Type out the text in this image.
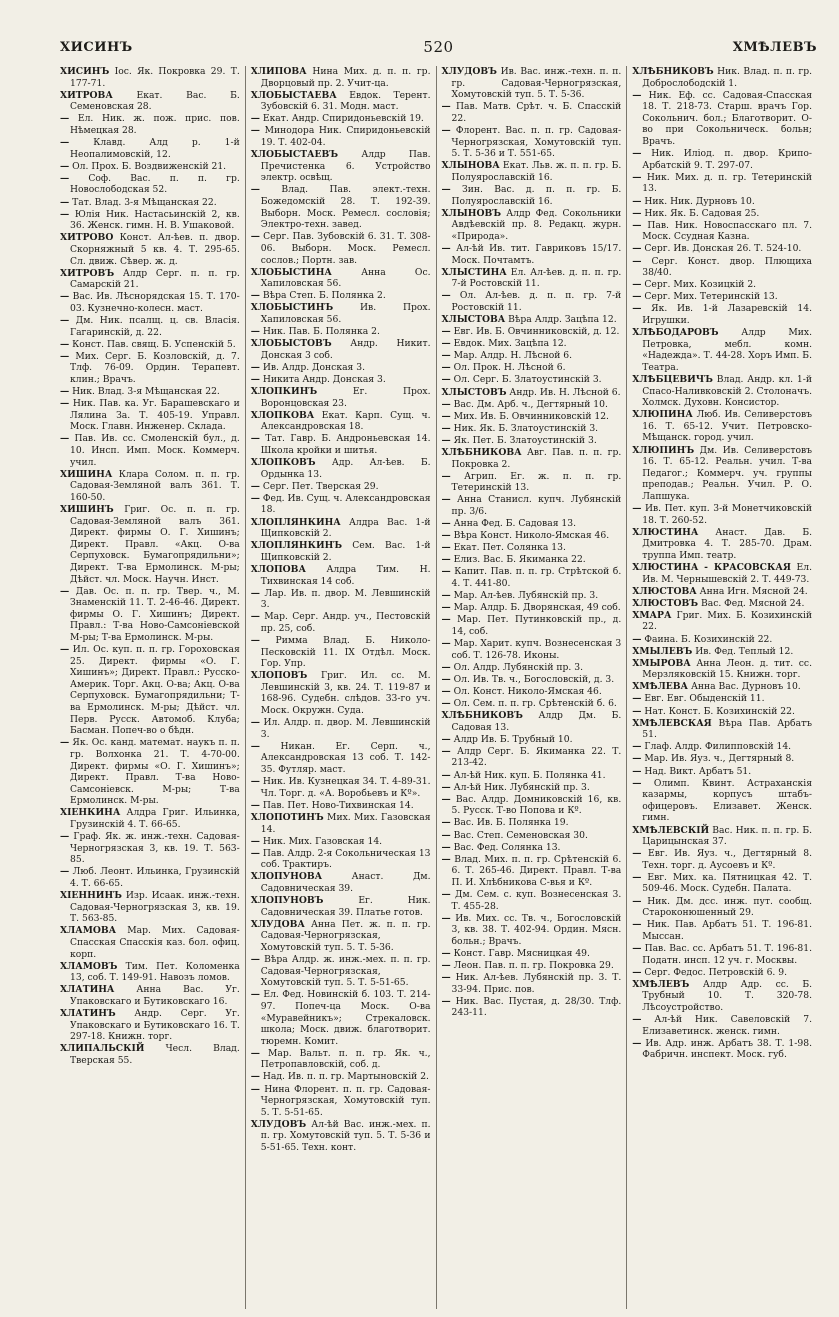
ХИСИНЪ	520	ХМѢЛЕВЪ
ХИСИНЪ Іос. Як. Покровка 29. Т. 177-71.
ХИТРОВА	Екат. Вас. Б. Семеновская 28.
— Ел. Ник. ж. пож. прис. пов. Нѣмецкая 28.
—	Клавд. Алд р. 1-й Неопалимовскій, 12.
— Ол. Прох. Б. Воздвиженскій 21.
— Соф. Вас. п. п. гр. Новослободская 52.
— Тат. Влад. 3-я Мѣщанская 22.
— Юлія Ник. Настасьинскій 2, кв. 36. Женск. гимн. Н. В. Ушаковой.
ХИТРОВО Конст. Ал-ѣев. п. двор. Скорняжный 5 кв. 4. Т. 295-65. Сл. движ. Сѣвер. ж. д.
ХИТРОВЪ Алдр Серг. п. п. гр. Самарскій 21.
— Вас. Ив. Лѣснорядская 15. Т. 170-03. Кузнечно-колесн. маст.
— Дм. Ник. псалщ. ц. св. Власія. Гагаринскій, д. 22.
— Конст. Пав. свящ. Б. Успенскій 5.
— Мих. Серг. Б. Козловскій, д. 7. Тлф. 76-09. Ордин. Терапевт. клин.; Врачъ.
— Ник. Влад. 3-я Мѣщанская 22.
— Ник. Пав. ка. Уг. Барашевскаго и Лялина За. Т. 405-19. Управл. Моск. Главн. Инженер. Склада.
— Пав. Ив. сс. Смоленскій бул., д. 10. Инсп. Имп. Моск. Коммерч. учил.
ХИШИНА Клара Солом. п. п. гр. Садовая-Земляной валъ 361. Т. 160-50.
ХИШИНЪ Григ. Ос. п. п. гр. Садовая-Земляной валъ 361. Директ. фирмы О. Г. Хишинъ; Директ. Правл. «Акц. О-ва Серпуховск. Бумагопрядильни»; Директ. Т-ва Ермолинск. М-ры; Дѣйст. чл. Моск. Научн. Инст.
— Дав. Ос. п. п. гр. Твер. ч., М. Знаменскій 11. Т. 2-46-46. Директ. фирмы О. Г. Хишинъ; Директ. Правл.: Т-ва Ново-Самсоніевской М-ры; Т-ва Ермолинск. М-ры.
— Ил. Ос. куп. п. п. гр. Гороховская 25. Директ. фирмы «О. Г. Хишинъ»; Директ. Правл.: Русско-Америк. Торг. Акц. О-ва; Акц. О-ва Серпуховск. Бумагопрядильни; Т-ва Ермолинск. М-ры; Дѣйст. чл. Перв. Русск. Автомоб. Клуба; Басман. Попеч-во о бѣдн.
— Як. Ос. канд. математ. наукъ п. п. гр. Волхонка 21. Т. 4-70-00. Директ. фирмы «О. Г. Хишинъ»; Директ. Правл. Т-ва Ново-Самсоніевск. М-ры; Т-ва Ермолинск. М-ры.
ХІЕНКИНА Алдра Григ. Ильинка, Грузинскій 4. Т. 66-65.
— Граф. Як. ж. инж.-техн. Садовая-Черногрязская 3, кв. 19. Т. 563-85.
— Люб. Леонт. Ильинка, Грузинскій 4. Т. 66-65.
ХІЕННИНЪ Изр. Исаак. инж.-техн. Садовая-Черногрязская 3, кв. 19. Т. 563-85.
ХЛАМОВА Мар. Мих. Садовая-Спасская Спасскія каз. бол. офиц. корп.
ХЛАМОВЪ Тим. Пет. Коломенка 13, соб. Т. 149-91. Навозъ ломов.
ХЛАТИНА Анна Вас. Уг. Упаковскаго и Бутиковскаго 16.
ХЛАТИНЪ Андр. Серг. Уг. Упаковскаго и Бутиковскаго 16. Т. 297-18. Книжн. торг.
ХЛИПАЛЬСКІЙ Чесл. Влад. Тверская 55.
ХЛИПОВА Нина Мих. д. п. п. гр. Дворцовый пр. 2. Учит-ца.
ХЛОБЫСТАЕВА Евдок. Терент. Зубовскій 6. 31. Модн. маст.
— Екат. Андр. Спиридоньевскій 19.
— Минодора Ник. Спиридоньевскій 19. Т. 402-04.
ХЛОБЫСТАЕВЪ	Алдр Пав. Пречистенка 6. Устройство электр. освѣщ.
— Влад. Пав. элект.-техн. Божедомскій 28. Т. 192-39. Выборн. Моск. Ремесл. сословія; Электро-техн. завед.
— Серг. Пав. Зубовскій 6. 31. Т. 308-06. Выборн. Моск. Ремесл. сослов.; Портн. зав.
ХЛОБЫСТИНА	Анна Ос. Хапиловская 56.
— Вѣра Степ. Б. Полянка 2.
ХЛОБЫСТИНЪ	Ив. Прох. Хапиловская 56.
— Ник. Пав. Б. Полянка 2.
ХЛОБЫСТОВЪ Андр. Никит. Донская 3 соб.
— Ив. Алдр. Донская 3.
— Никита Андр. Донская 3.
ХЛОПКИНЪ	Ег. Прох. Воронцовская 23.
ХЛОПКОВА Екат. Карп. Сущ. ч. Александровская 18.
— Тат. Гавр. Б. Андроньевская 14. Школа кройки и шитья.
ХЛОПКОВЪ Адр. Ал-ѣев. Б. Ордынка 13.
— Серг. Пет. Тверская 29.
— Фед. Ив. Сущ. ч. Александровская 18.
ХЛОПЛЯНКИНА Алдра Вас. 1-й Щипковскій 2.
ХЛОПЛЯНКИНЪ Сем. Вас. 1-й Щипковскій 2.
ХЛОПОВА Алдра Тим. Н. Тихвинская 14 соб.
— Лар. Ив. п. двор. М. Левшинскій 3.
— Мар. Серг. Андр. уч., Пестовскій пр. 25, соб.
— Римма Влад. Б. Николо-Песковскій 11. IX Отдѣл. Моск. Гор. Упр.
ХЛОПОВЪ Григ. Ил. сс. М. Левшинскій 3, кв. 24. Т. 119-87 и 168-96. Судебн. слѣдов. 33-го уч. Моск. Окружн. Суда.
— Ил. Алдр. п. двор. М. Левшинскій 3.
— Никан. Ег. Серп. ч., Александровская 13 соб. Т. 142-35. Футляр. маст.
— Ник. Ив. Кузнецкая 34. Т. 4-89-31. Чл. Торг. д. «А. Воробьевъ и Кº».
— Пав. Пет. Ново-Тихвинская 14.
ХЛОПОТИНЪ Мих. Мих. Газовская 14.
— Ник. Мих. Газовская 14.
— Пав. Алдр. 2-я Сокольническая 13 соб. Трактиръ.
ХЛОПУНОВА	Анаст. Дм. Садовническая 39.
ХЛОПУНОВЪ	Ег. Ник. Садовническая 39. Платье готов.
ХЛУДОВА Анна Пет. ж. п. п. гр. Садовая-Черногрязская, Хомутовскій туп. 5. Т. 5-36.
— Вѣра Алдр. ж. инж.-мех. п. п. гр. Садовая-Черногрязская, Хомутовскій туп. 5. Т. 5-51-65.
— Ел. Фед. Новинскій б. 103. Т. 214-97. Попеч-ца Моск. О-ва «Муравейникъ»; Стрекаловск. школа; Моск. движ. благотворит. тюремн. Комит.
— Мар. Вальт. п. п. гр. Як. ч., Петропавловскій, соб. д.
— Над. Ив. п. п. гр. Мартыновскій 2.
— Нина Флорент. п. п. гр. Садовая-Черногрязская, Хомутовскій туп. 5. Т. 5-51-65.
ХЛУДОВЪ Ал-ѣй Вас. инж.-мех. п. п. гр. Хомутовскій туп. 5. Т. 5-36 и 5-51-65. Техн. конт.
ХЛУДОВЪ Ив. Вас. инж.-техн. п. п. гр. Садовая-Черногрязская, Хомутовскій туп. 5. Т. 5-36.
— Пав. Матв. Срѣт. ч. Б. Спасскій 22.
— Флорент. Вас. п. п. гр. Садовая-Черногрязская, Хомутовскій туп. 5. Т. 5-36 и Т. 551-65.
ХЛЫНОВА Екат. Льв. ж. п. п. гр. Б. Полуярославскій 16.
— Зин. Вас. д. п. п. гр. Б. Полуярославскій 16.
ХЛЫНОВЪ Алдр Фед. Сокольники Авдѣевскій пр. 8. Редакц. журн. «Природа».
— Ал-ѣй Ив. тит. Гавриковъ 15/17. Моск. Почтамтъ.
ХЛЫСТИНА Ел. Ал-ѣев. д. п. п. гр. 7-й Ростовскій 11.
— Ол. Ал-ѣев. д. п. п. гр. 7-й Ростовскій 11.
ХЛЫСТОВА Вѣра Алдр. Зацѣпа 12.
— Евг. Ив. Б. Овчинниковскій, д. 12.
— Евдок. Мих. Зацѣпа 12.
— Мар. Алдр. Н. Лѣсной 6.
— Ол. Прок. Н. Лѣсной 6.
— Ол. Серг. Б. Златоустинскій 3.
ХЛЫСТОВЪ Андр. Ив. Н. Лѣсной 6.
— Вас. Дм. Арб. ч., Дегтярный 10.
— Мих. Ив. Б. Овчинниковскій 12.
— Ник. Як. Б. Златоустинскій 3.
— Як. Пет. Б. Златоустинскій 3.
ХЛѢБНИКОВА Авг. Пав. п. п. гр. Покровка 2.
— Агрип. Ег. ж. п. п. гр. Тетеринскій 13.
— Анна Станисл. купч. Лубянскій пр. 3/6.
— Анна Фед. Б. Садовая 13.
— Вѣра Конст. Николо-Ямская 46.
— Екат. Пет. Солянка 13.
— Елиз. Вас. Б. Якиманка 22.
— Капит. Пав. п. п. гр. Стрѣтской б. 4. Т. 441-80.
— Мар. Ал-ѣев. Лубянскій пр. 3.
— Мар. Алдр. Б. Дворянская, 49 соб.
— Мар. Пет. Путинковскій пр., д. 14, соб.
— Мар. Харит. купч. Вознесенская 3 соб. Т. 126-78. Иконы.
— Ол. Алдр. Лубянскій пр. 3.
— Ол. Ив. Тв. ч., Богословскій, д. 3.
— Ол. Конст. Николо-Ямская 46.
— Ол. Сем. п. п. гр. Срѣтенскій б. 6.
ХЛѢБНИКОВЪ Алдр Дм. Б. Садовая 13.
— Алдр Ив. Б. Трубный 10.
— Алдр Серг. Б. Якиманка 22. Т. 213-42.
— Ал-ѣй Ник. куп. Б. Полянка 41.
— Ал-ѣй Ник. Лубянскій пр. 3.
— Вас. Алдр. Домниковскій 16, кв. 5. Русск. Т-во Попова и Кº.
— Вас. Ив. Б. Полянка 19.
— Вас. Степ. Семеновская 30.
— Вас. Фед. Солянка 13.
— Влад. Мих. п. п. гр. Срѣтенскій 6. 6. Т. 265-46. Директ. Правл. Т-ва П. И. Хлѣбникова С-вья и Кº.
— Дм. Сем. с. куп. Вознесенская 3. Т. 455-28.
— Ив. Мих. сс. Тв. ч., Богословскій 3, кв. 38. Т. 402-94. Ордин. Мясн. больн.; Врачъ.
— Конст. Гавр. Мясницкая 49.
— Леон. Пав. п. п. гр. Покровка 29.
— Ник. Ал-ѣев. Лубянскій пр. 3. Т. 33-94. Прис. пов.
— Ник. Вас. Пустая, д. 28/30. Тлф. 243-11.
ХЛѢБНИКОВЪ Ник. Влад. п. п. гр. Доброслободскій 1.
— Ник. Еф. сс. Садовая-Спасская 18. Т. 218-73. Старш. врачъ Гор. Сокольнич. бол.; Благотворит. О-во при Сокольническ. больн; Врачъ.
— Ник. Иліод. п. двор. Крипо-Арбатскій 9. Т. 297-07.
— Ник. Мих. д. п. гр. Тетеринскій 13.
— Ник. Ник. Дурновъ 10.
— Ник. Як. Б. Садовая 25.
— Пав. Ник. Новоспасскаго пл. 7. Моск. Ссудная Казна.
— Серг. Ив. Донская 26. Т. 524-10.
— Серг. Конст. двор. Плющиха 38/40.
— Серг. Мих. Козицкій 2.
— Серг. Мих. Тетеринскій 13.
— Як. Ив. 1-й Лазаревскій 14. Игрушки.
ХЛѢБОДАРОВЪ Алдр Мих. Петровка, мебл. комн. «Надежда». Т. 44-28. Хоръ Имп. Б. Театра.
ХЛѢБЦЕВИЧЪ Влад. Андр. кл. 1-й Спасо-Наливковскій 2. Столоначъ. Холмск. Духовн. Консистор.
ХЛЮПИНА Люб. Ив. Селиверстовъ 16. Т. 65-12. Учит. Петровско-Мѣщанск. город. учил.
ХЛЮПИНЪ Дм. Ив. Селиверстовъ 16. Т. 65-12. Реальн. учил. Т-ва Педагог.; Коммерч. уч. группы преподав.; Реальн. Учил. Р. О. Лапшука.
— Ив. Пет. куп. 3-й Монетчиковскій 18. Т. 260-52.
ХЛЮСТИНА Анаст. Дав. Б. Дмитровка 4. Т. 285-70. Драм. труппа Имп. театр.
ХЛЮСТИНА - КРАСОВСКАЯ Ел. Ив. М. Чернышевскій 2. Т. 449-73.
ХЛЮСТОВА Анна Игн. Мясной 24.
ХЛЮСТОВЪ Вас. Фед. Мясной 24.
ХМАРА Григ. Мих. Б. Козихинскій 22.
— Фаина. Б. Козихинскій 22.
ХМЫЛЕВЪ Ив. Фед. Теплый 12.
ХМЫРОВА Анна Леон. д. тит. сс. Мерзляковскій 15. Книжн. торг.
ХМѢЛЕВА Анна Вас. Дурновъ 10.
— Евг. Евг. Обыденскій 11.
— Нат. Конст. Б. Козихинскій 22.
ХМѢЛЕВСКАЯ Вѣра Пав. Арбатъ 51.
— Глаф. Алдр. Филипповскій 14.
— Мар. Ив. Яуз. ч., Дегтярный 8.
— Над. Викт. Арбатъ 51.
— Олимп. Квинт. Астраханскія казармы, корпусъ штабъ-офицеровъ. Елизавет. Женск. гимн.
ХМѢЛЕВСКІЙ Вас. Ник. п. п. гр. Б. Царицынская 37.
— Евг. Ив. Яуз. ч., Дегтярный 8. Техн. торг. д. Аусоевъ и Кº.
— Евг. Мих. ка. Пятницкая 42. Т. 509-46. Моск. Судебн. Палата.
— Ник. Дм. дсс. инж. пут. сообщ. Староконюшенный 29.
— Ник. Пав. Арбатъ 51. Т. 196-81. Мыссан.
— Пав. Вас. сс. Арбатъ 51. Т. 196-81. Податн. инсп. 12 уч. г. Москвы.
— Серг. Федос. Петровскій 6. 9.
ХМѢЛЕВЪ Алдр Адр. сс. Б. Трубный 10. Т. 320-78. Лѣсоустройство.
— Ал-ѣй Ник. Савеловскій 7. Елизаветинск. женск. гимн.
— Ив. Адр. инж. Арбатъ 38. Т. 1-98. Фабричн. инспект. Моск. губ.
